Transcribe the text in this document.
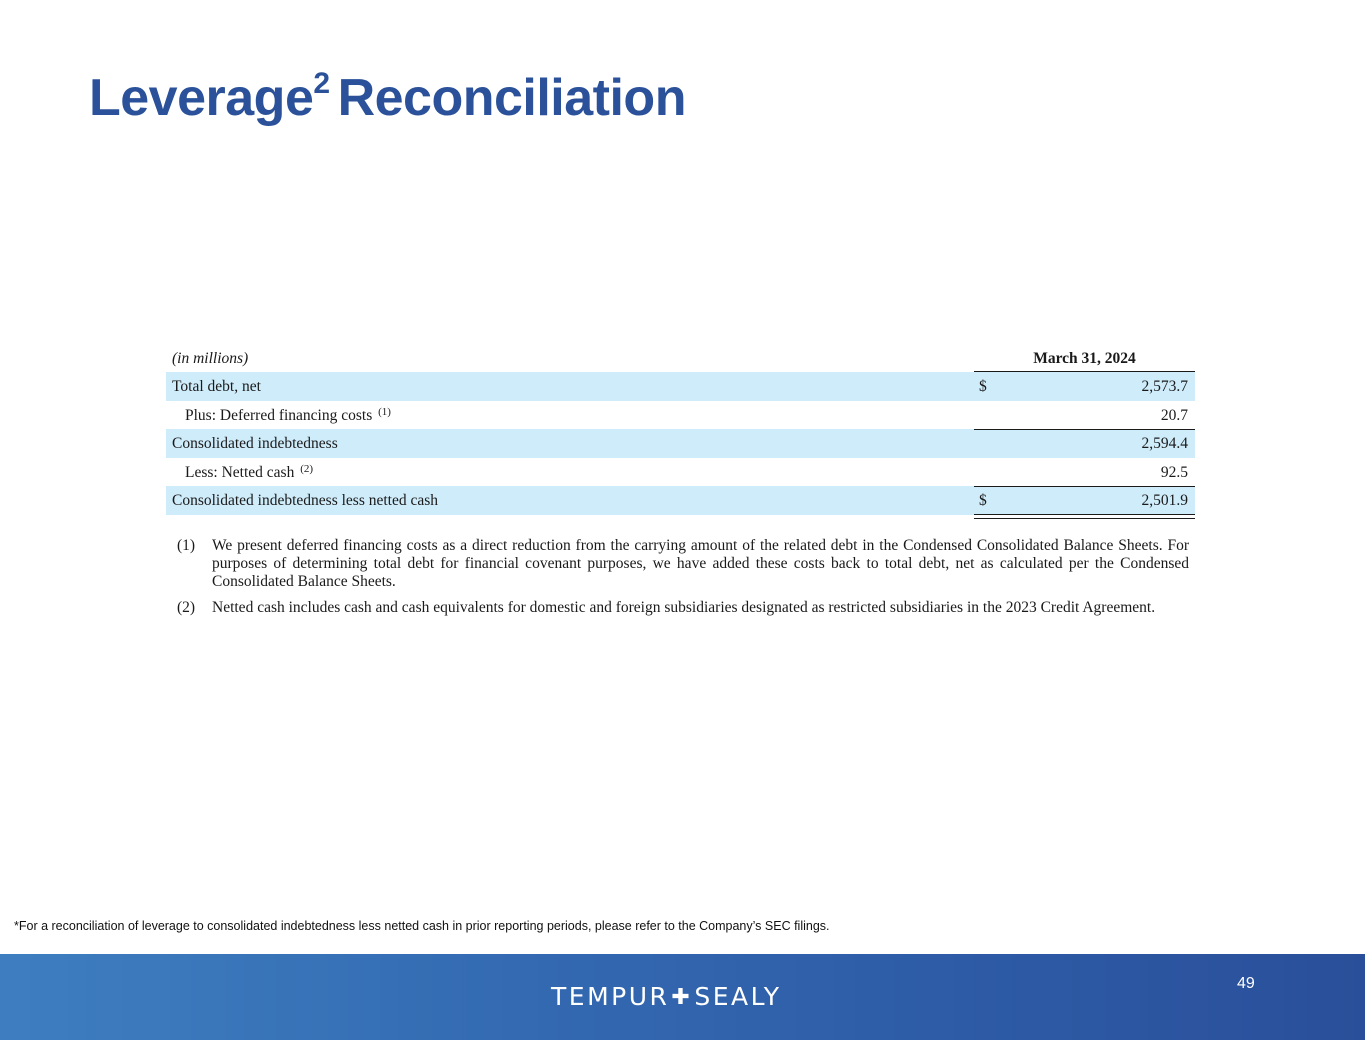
Leverage$^2$ Reconciliation
(in millions)	March 31, 2024
Total debt, net	$	2,573.7
Plus: Deferred financing costs $^{(1)}$	20.7
Consolidated indebtedness	2,594.4
Less: Netted cash $^{(2)}$	92.5
Consolidated indebtedness less netted cash	$	2,501.9

(1) We present deferred financing costs as a direct reduction from the carrying amount of the related debt in the Condensed Consolidated Balance Sheets. For purposes of determining total debt for financial covenant purposes, we have added these costs back to total debt, net as calculated per the Condensed Consolidated Balance Sheets.

(2) Netted cash includes cash and cash equivalents for domestic and foreign subsidiaries designated as restricted subsidiaries in the 2023 Credit Agreement.

*For a reconciliation of leverage to consolidated indebtedness less netted cash in prior reporting periods, please refer to the Company’s SEC filings.
TEMPUR✚SEALY	49
